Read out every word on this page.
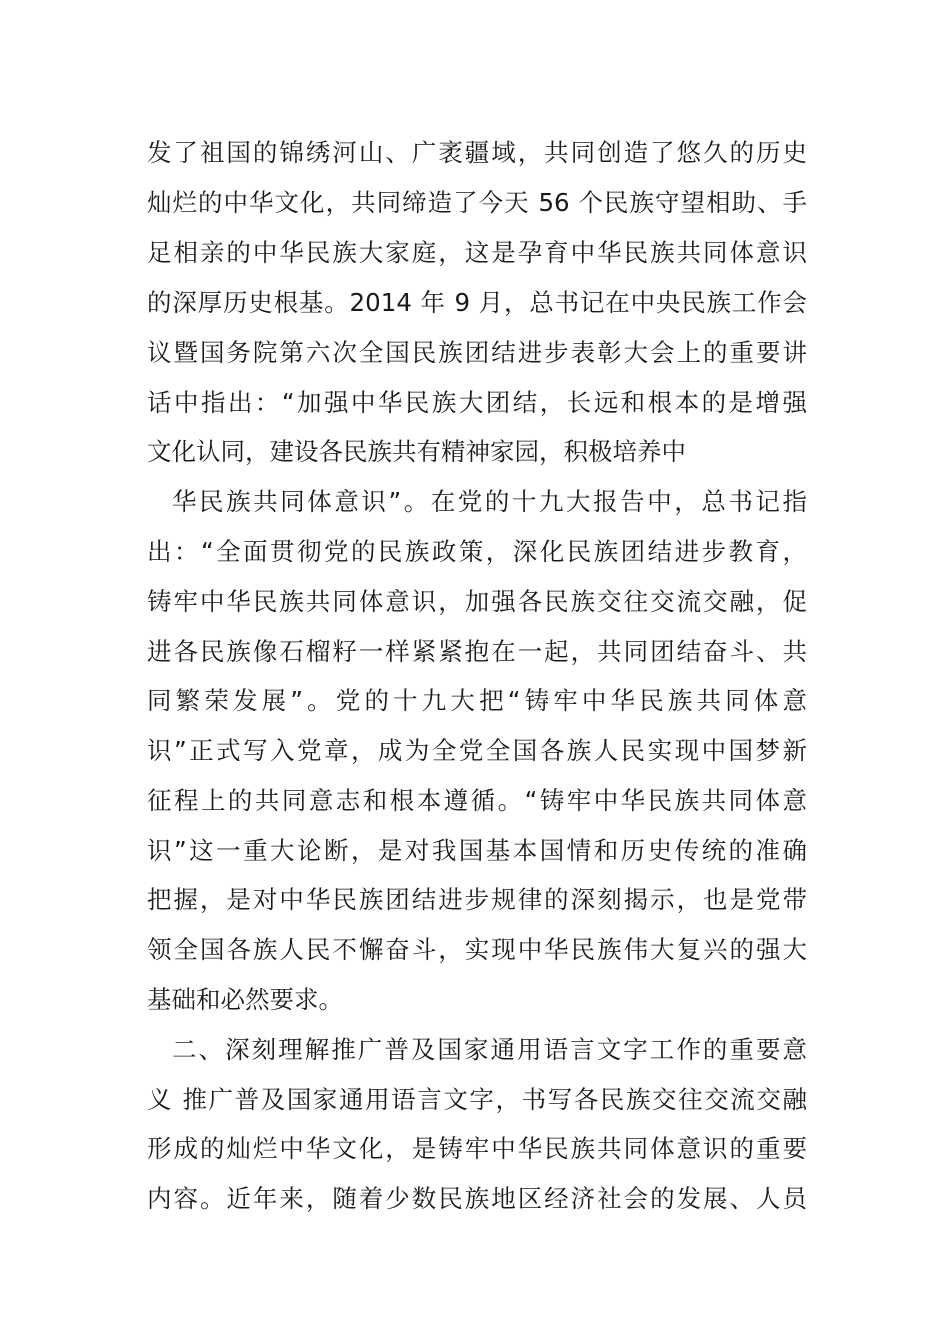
发了祖国的锦绣河山、广袤疆域，共同创造了悠久的历史
灿烂的中华文化，共同缔造了今天 56 个民族守望相助、手
足相亲的中华民族大家庭，这是孕育中华民族共同体意识
的深厚历史根基。2014 年 9 月，总书记在中央民族工作会
议暨国务院第六次全国民族团结进步表彰大会上的重要讲
话中指出：“加强中华民族大团结，长远和根本的是增强
文化认同，建设各民族共有精神家园，积极培养中
华民族共同体意识”。在党的十九大报告中，总书记指
出：“全面贯彻党的民族政策，深化民族团结进步教育，
铸牢中华民族共同体意识，加强各民族交往交流交融，促
进各民族像石榴籽一样紧紧抱在一起，共同团结奋斗、共
同繁荣发展”。党的十九大把“铸牢中华民族共同体意
识”正式写入党章，成为全党全国各族人民实现中国梦新
征程上的共同意志和根本遵循。“铸牢中华民族共同体意
识”这一重大论断，是对我国基本国情和历史传统的准确
把握，是对中华民族团结进步规律的深刻揭示，也是党带
领全国各族人民不懈奋斗，实现中华民族伟大复兴的强大
基础和必然要求。
二、深刻理解推广普及国家通用语言文字工作的重要意
义 推广普及国家通用语言文字，书写各民族交往交流交融
形成的灿烂中华文化，是铸牢中华民族共同体意识的重要
内容。近年来，随着少数民族地区经济社会的发展、人员
